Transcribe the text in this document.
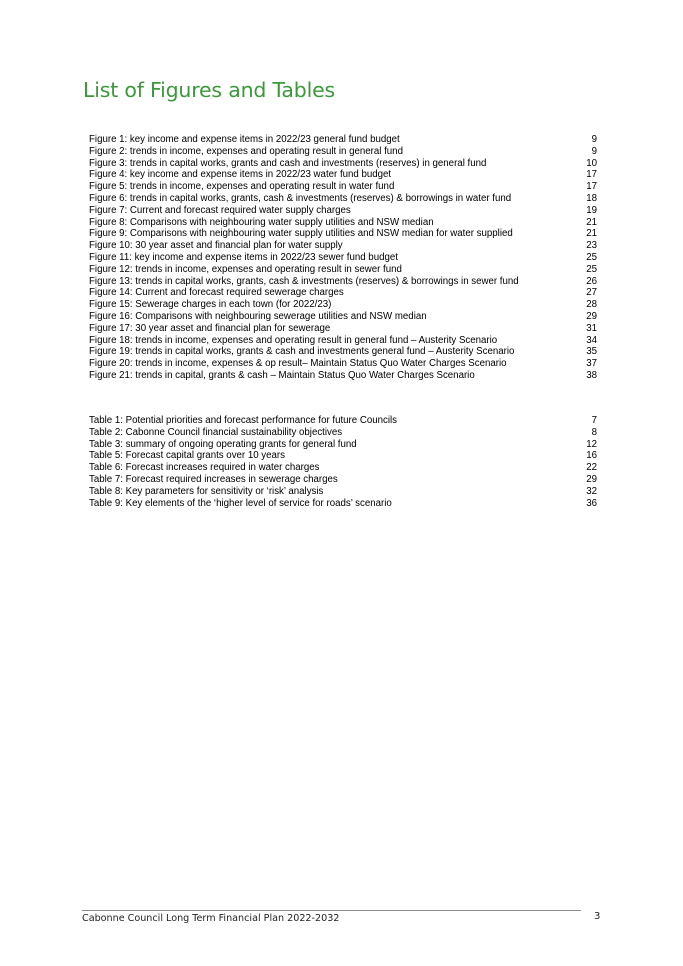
List of Figures and Tables
Figure 1: key income and expense items in 2022/23 general fund budget	9
Figure 2: trends in income, expenses and operating result in general fund	9
Figure 3: trends in capital works, grants and cash and investments (reserves) in general fund	10
Figure 4: key income and expense items in 2022/23 water fund budget	17
Figure 5: trends in income, expenses and operating result in water fund	17
Figure 6: trends in capital works, grants, cash & investments (reserves) & borrowings in water fund	18
Figure 7: Current and forecast required water supply charges	19
Figure 8: Comparisons with neighbouring water supply utilities and NSW median	21
Figure 9: Comparisons with neighbouring water supply utilities and NSW median for water supplied	21
Figure 10: 30 year asset and financial plan for water supply	23
Figure 11: key income and expense items in 2022/23 sewer fund budget	25
Figure 12: trends in income, expenses and operating result in sewer fund	25
Figure 13: trends in capital works, grants, cash & investments (reserves) & borrowings in sewer fund	26
Figure 14: Current and forecast required sewerage charges	27
Figure 15: Sewerage charges in each town (for 2022/23)	28
Figure 16: Comparisons with neighbouring sewerage utilities and NSW median	29
Figure 17: 30 year asset and financial plan for sewerage	31
Figure 18: trends in income, expenses and operating result in general fund – Austerity Scenario	34
Figure 19: trends in capital works, grants & cash and investments general fund – Austerity Scenario	35
Figure 20: trends in income, expenses & op result– Maintain Status Quo Water Charges Scenario	37
Figure 21: trends in capital, grants & cash – Maintain Status Quo Water Charges Scenario	38
Table 1: Potential priorities and forecast performance for future Councils	7
Table 2: Cabonne Council financial sustainability objectives	8
Table 3: summary of ongoing operating grants for general fund	12
Table 5: Forecast capital grants over 10 years	16
Table 6: Forecast increases required in water charges	22
Table 7: Forecast required increases in sewerage charges	29
Table 8: Key parameters for sensitivity or ‘risk’ analysis	32
Table 9: Key elements of the ‘higher level of service for roads’ scenario	36
Cabonne Council Long Term Financial Plan 2022-2032	3
